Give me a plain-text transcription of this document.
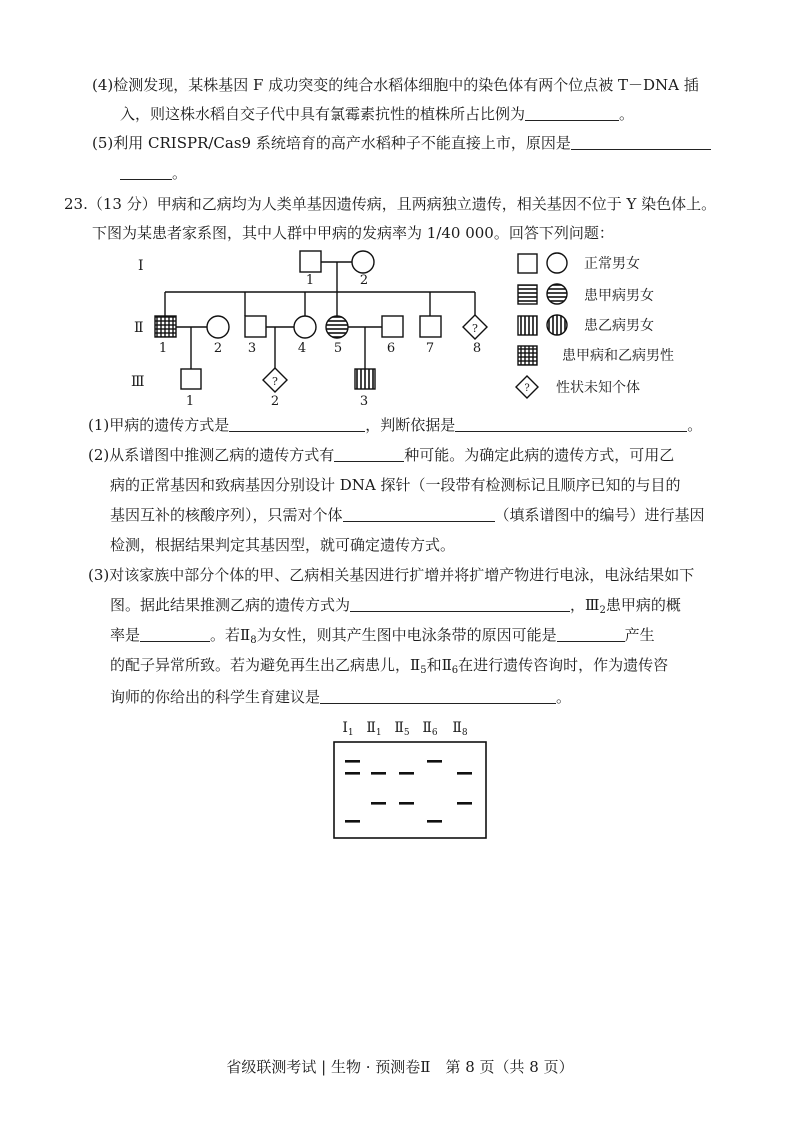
(4)检测发现，某株基因 F 成功突变的纯合水稻体细胞中的染色体有两个位点被 T－DNA 插
入，则这株水稻自交子代中具有氯霉素抗性的植株所占比例为	。
(5)利用 CRISPR/Cas9 系统培育的高产水稻种子不能直接上市，原因是
。
23.（13 分）甲病和乙病均为人类单基因遗传病，且两病独立遗传，相关基因不位于 Y 染色体上。
下图为某患者家系图，其中人群中甲病的发病率为 1/40 000。回答下列问题：
Ⅰ
Ⅱ
Ⅲ
1	2
?
1	2 3	4 5	6 7	8
?
1	2	3
正常男女
患甲病男女
患乙病男女
患甲病和乙病男性
? 性状未知个体
(1)甲病的遗传方式是	，判断依据是	。
(2)从系谱图中推测乙病的遗传方式有	种可能。为确定此病的遗传方式，可用乙
病的正常基因和致病基因分别设计 DNA 探针（一段带有检测标记且顺序已知的与目的
基因互补的核酸序列），只需对个体	（填系谱图中的编号）进行基因
检测，根据结果判定其基因型，就可确定遗传方式。
(3)对该家族中部分个体的甲、乙病相关基因进行扩增并将扩增产物进行电泳，电泳结果如下
图。据此结果推测乙病的遗传方式为	，$Ⅲ_2$患甲病的概
率是	。若$Ⅱ_8$为女性，则其产生图中电泳条带的原因可能是	产生
的配子异常所致。若为避免再生出乙病患儿，$Ⅱ_5$和$Ⅱ_6$在进行遗传咨询时，作为遗传咨
询师的你给出的科学生育建议是	。
$Ⅰ_1$ $Ⅱ_1$ $Ⅱ_5$ $Ⅱ_6$ $Ⅱ_8$
省级联测考试 | 生物 · 预测卷Ⅱ　第 8 页（共 8 页）
